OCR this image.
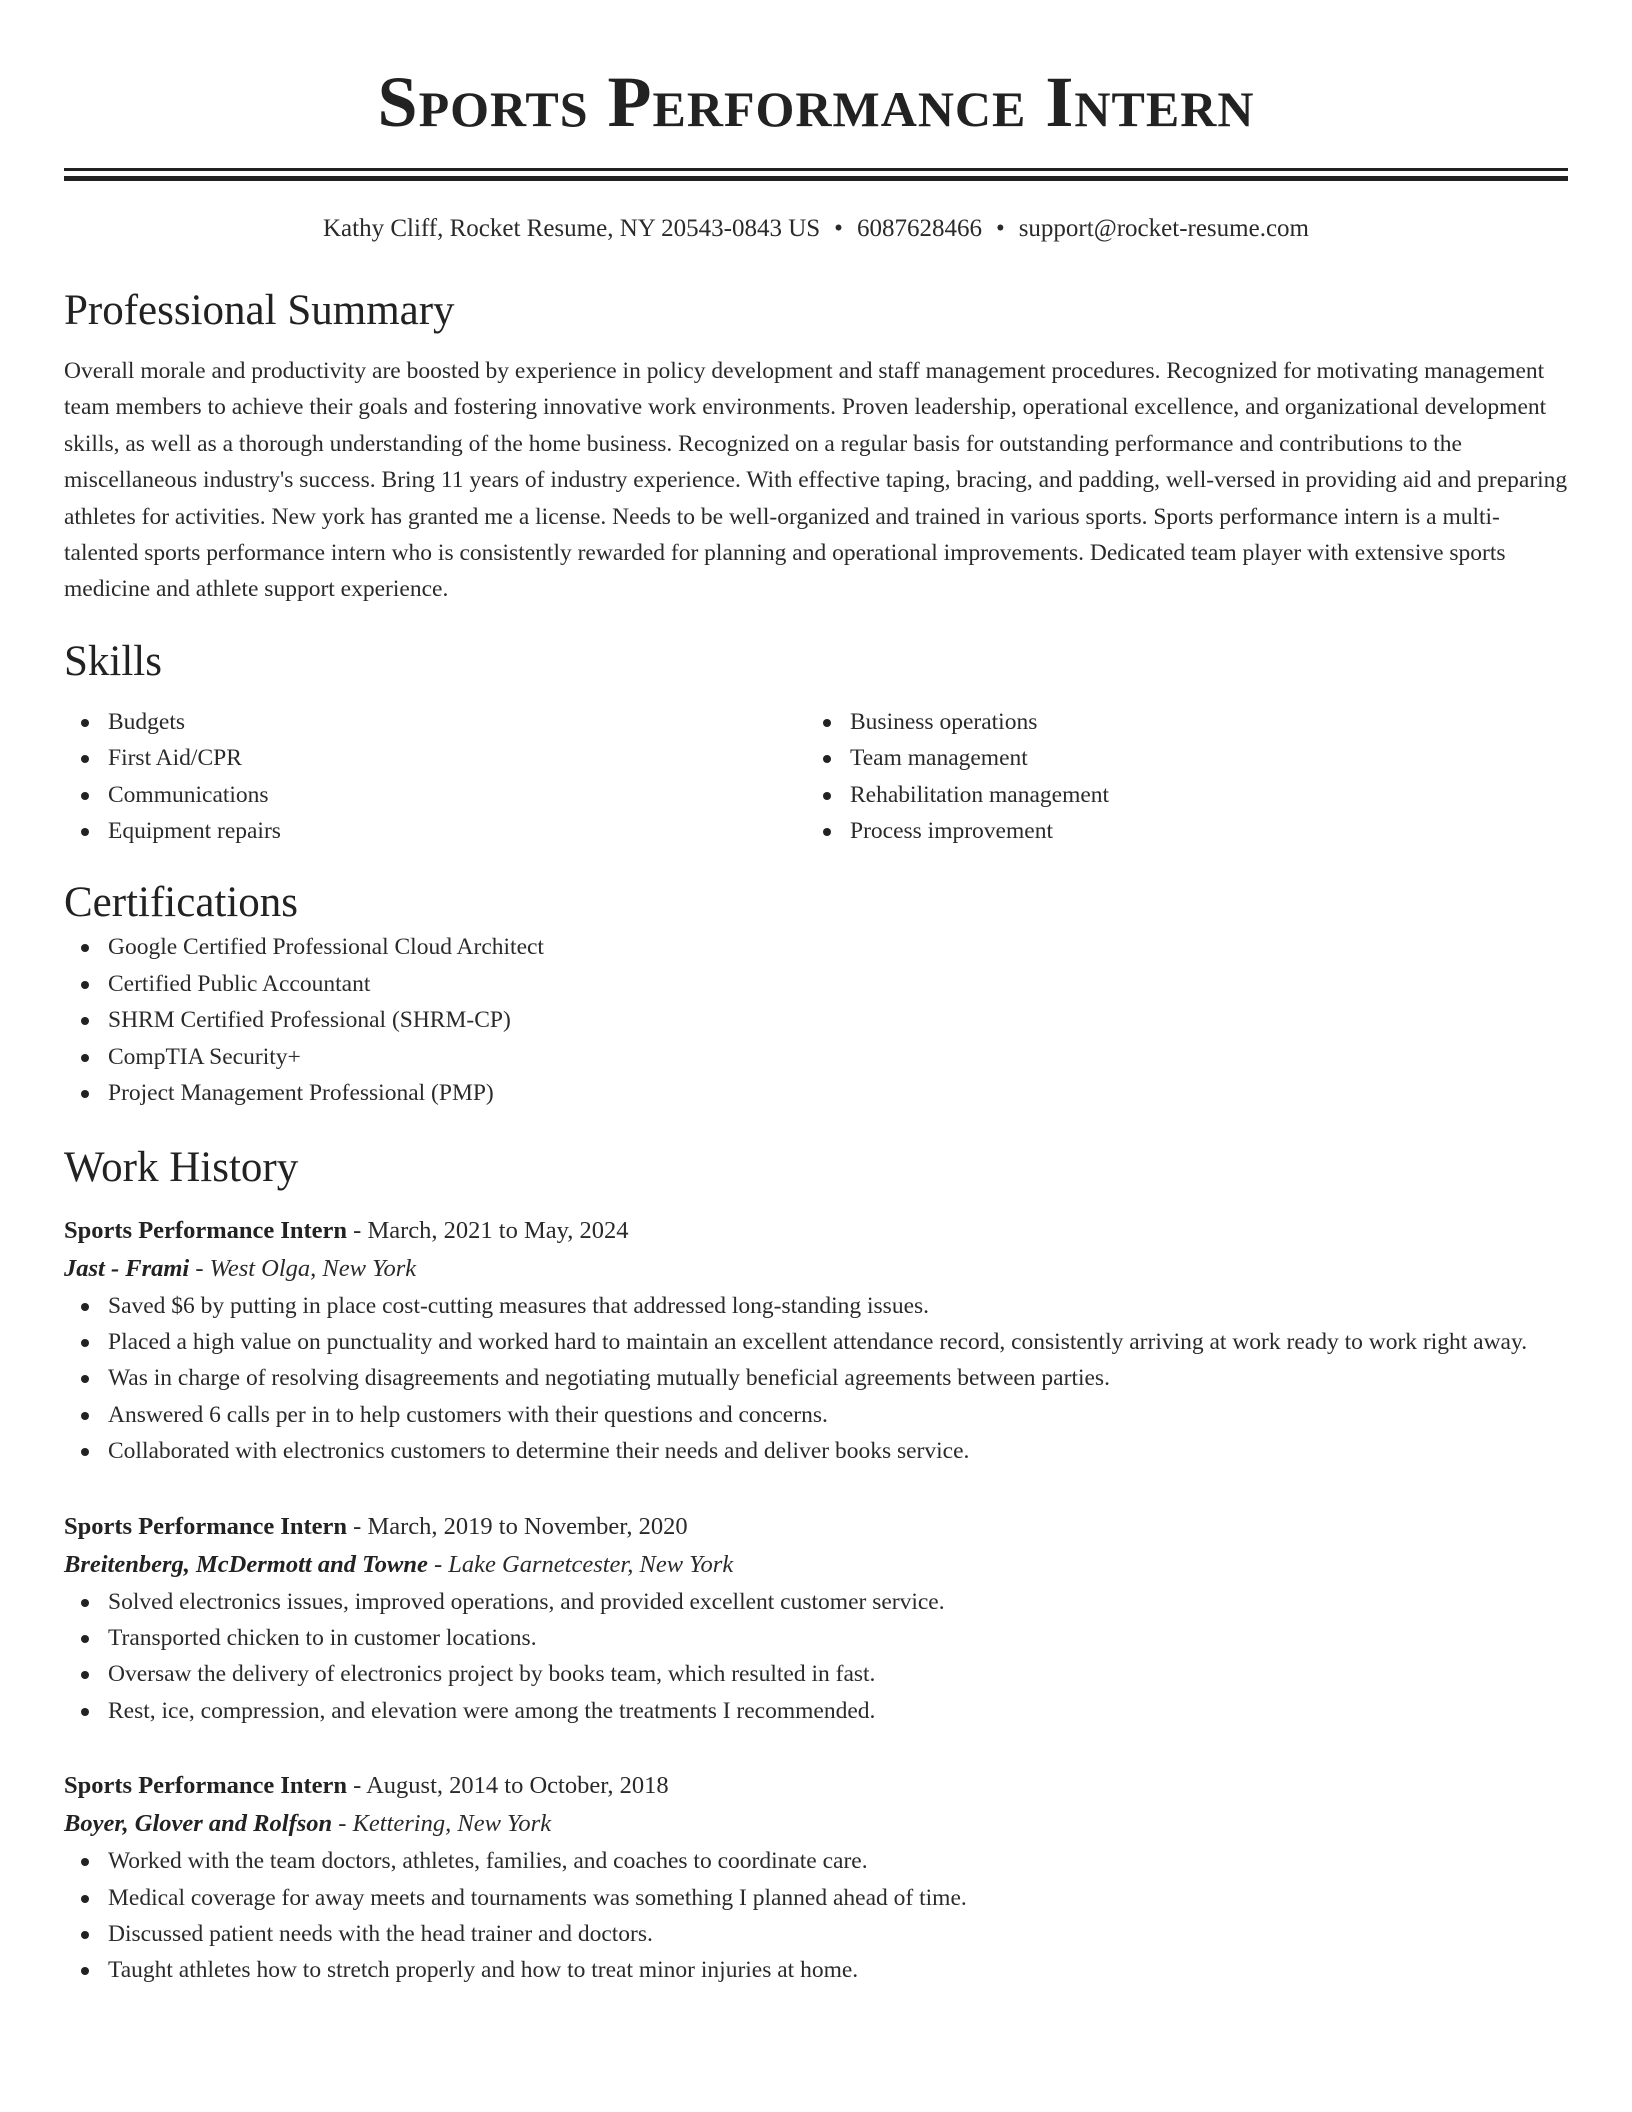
Sports Performance Intern
Kathy Cliff, Rocket Resume, NY 20543-0843 US • 6087628466 • support@rocket-resume.com
Professional Summary

Overall morale and productivity are boosted by experience in policy development and staff management procedures. Recognized for motivating management team members to achieve their goals and fostering innovative work environments. Proven leadership, operational excellence, and organizational development skills, as well as a thorough understanding of the home business. Recognized on a regular basis for outstanding performance and contributions to the miscellaneous industry's success. Bring 11 years of industry experience. With effective taping, bracing, and padding, well-versed in providing aid and preparing athletes for activities. New york has granted me a license. Needs to be well-organized and trained in various sports. Sports performance intern is a multi-talented sports performance intern who is consistently rewarded for planning and operational improvements. Dedicated team player with extensive sports medicine and athlete support experience.

Skills
Budgets
First Aid/CPR
Communications
Equipment repairs
Business operations
Team management
Rehabilitation management
Process improvement
Certifications
Google Certified Professional Cloud Architect
Certified Public Accountant
SHRM Certified Professional (SHRM-CP)
CompTIA Security+
Project Management Professional (PMP)
Work History
Sports Performance Intern - March, 2021 to May, 2024
Jast - Frami - West Olga, New York
Saved $6 by putting in place cost-cutting measures that addressed long-standing issues.
Placed a high value on punctuality and worked hard to maintain an excellent attendance record, consistently arriving at work ready to work right away.
Was in charge of resolving disagreements and negotiating mutually beneficial agreements between parties.
Answered 6 calls per in to help customers with their questions and concerns.
Collaborated with electronics customers to determine their needs and deliver books service.
Sports Performance Intern - March, 2019 to November, 2020
Breitenberg, McDermott and Towne - Lake Garnetcester, New York
Solved electronics issues, improved operations, and provided excellent customer service.
Transported chicken to in customer locations.
Oversaw the delivery of electronics project by books team, which resulted in fast.
Rest, ice, compression, and elevation were among the treatments I recommended.
Sports Performance Intern - August, 2014 to October, 2018
Boyer, Glover and Rolfson - Kettering, New York
Worked with the team doctors, athletes, families, and coaches to coordinate care.
Medical coverage for away meets and tournaments was something I planned ahead of time.
Discussed patient needs with the head trainer and doctors.
Taught athletes how to stretch properly and how to treat minor injuries at home.
